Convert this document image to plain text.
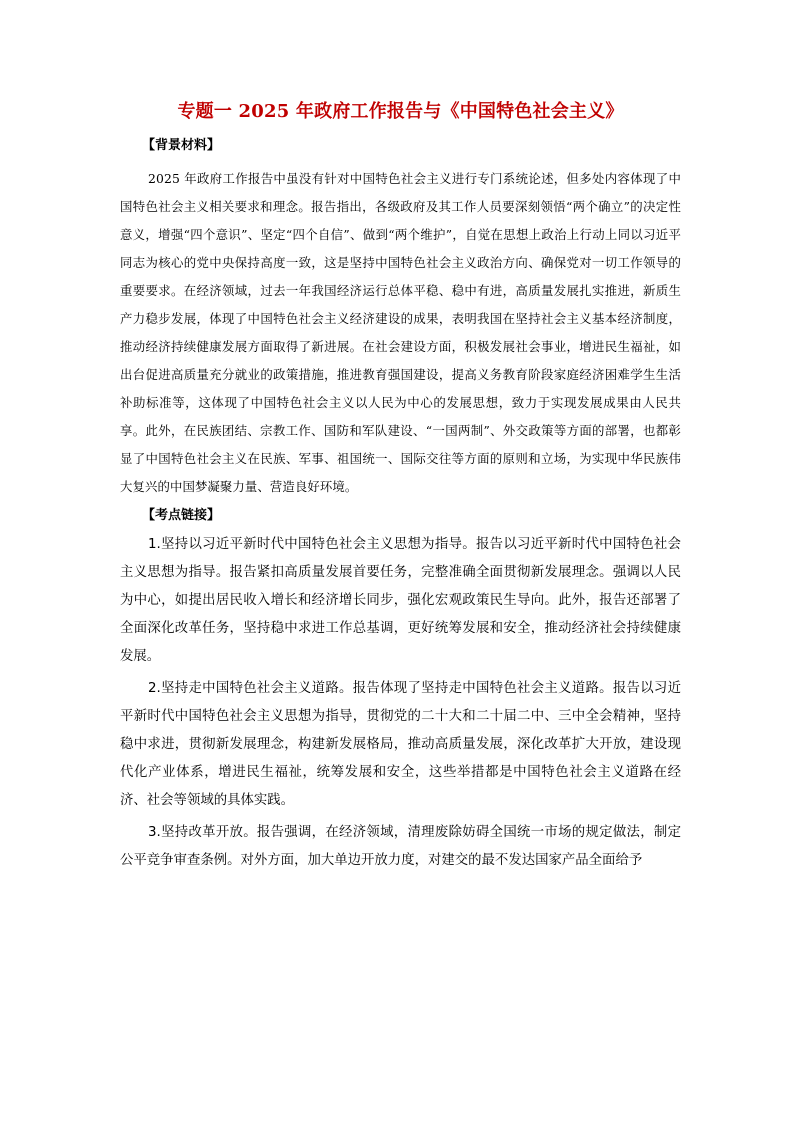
专题一 2025 年政府工作报告与《中国特色社会主义》
【背景材料】

2025 年政府工作报告中虽没有针对中国特色社会主义进行专门系统论述，但多处内容体现了中国特色社会主义相关要求和理念。报告指出，各级政府及其工作人员要深刻领悟“两个确立”的决定性意义，增强“四个意识”、坚定“四个自信”、做到“两个维护”，自觉在思想上政治上行动上同以习近平同志为核心的党中央保持高度一致，这是坚持中国特色社会主义政治方向、确保党对一切工作领导的重要要求。在经济领域，过去一年我国经济运行总体平稳、稳中有进，高质量发展扎实推进，新质生产力稳步发展，体现了中国特色社会主义经济建设的成果，表明我国在坚持社会主义基本经济制度，推动经济持续健康发展方面取得了新进展。在社会建设方面，积极发展社会事业，增进民生福祉，如出台促进高质量充分就业的政策措施，推进教育强国建设，提高义务教育阶段家庭经济困难学生生活补助标准等，这体现了中国特色社会主义以人民为中心的发展思想，致力于实现发展成果由人民共享。此外，在民族团结、宗教工作、国防和军队建设、“一国两制”、外交政策等方面的部署，也都彰显了中国特色社会主义在民族、军事、祖国统一、国际交往等方面的原则和立场，为实现中华民族伟大复兴的中国梦凝聚力量、营造良好环境。

【考点链接】

1.坚持以习近平新时代中国特色社会主义思想为指导。报告以习近平新时代中国特色社会主义思想为指导。报告紧扣高质量发展首要任务，完整准确全面贯彻新发展理念。强调以人民为中心，如提出居民收入增长和经济增长同步，强化宏观政策民生导向。此外，报告还部署了全面深化改革任务，坚持稳中求进工作总基调，更好统筹发展和安全，推动经济社会持续健康发展。

2.坚持走中国特色社会主义道路。报告体现了坚持走中国特色社会主义道路。报告以习近平新时代中国特色社会主义思想为指导，贯彻党的二十大和二十届二中、三中全会精神，坚持稳中求进，贯彻新发展理念，构建新发展格局，推动高质量发展，深化改革扩大开放，建设现代化产业体系，增进民生福祉，统筹发展和安全，这些举措都是中国特色社会主义道路在经济、社会等领域的具体实践。

3.坚持改革开放。报告强调，在经济领域，清理废除妨碍全国统一市场的规定做法，制定公平竞争审查条例。对外方面，加大单边开放力度，对建交的最不发达国家产品全面给予
